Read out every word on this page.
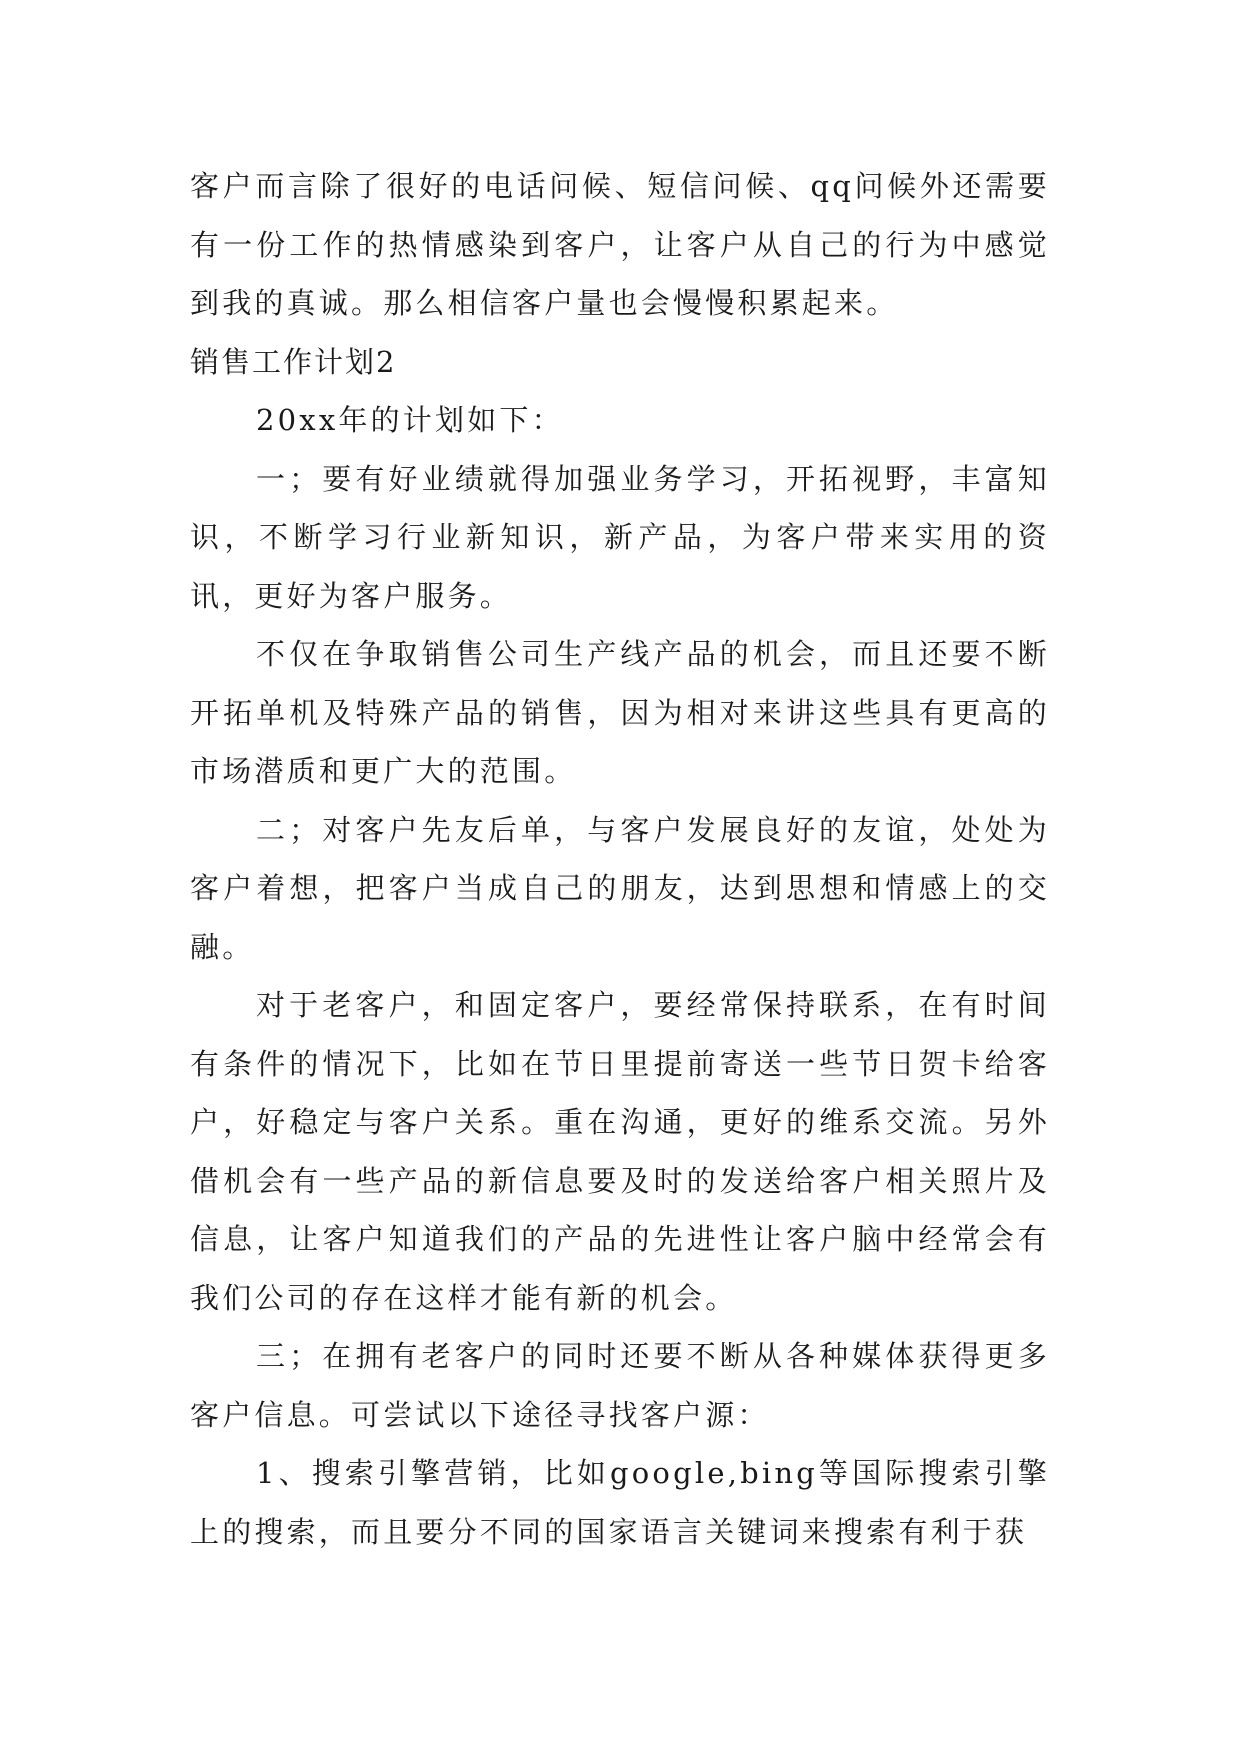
客户而言除了很好的电话问候、短信问候、qq问候外还需要有一份工作的热情感染到客户，让客户从自己的行为中感觉到我的真诚。那么相信客户量也会慢慢积累起来。

销售工作计划2

20xx年的计划如下：

一；要有好业绩就得加强业务学习，开拓视野，丰富知识，不断学习行业新知识，新产品，为客户带来实用的资讯，更好为客户服务。

不仅在争取销售公司生产线产品的机会，而且还要不断开拓单机及特殊产品的销售，因为相对来讲这些具有更高的市场潜质和更广大的范围。

二；对客户先友后单，与客户发展良好的友谊，处处为客户着想，把客户当成自己的朋友，达到思想和情感上的交融。

对于老客户，和固定客户，要经常保持联系，在有时间有条件的情况下，比如在节日里提前寄送一些节日贺卡给客户，好稳定与客户关系。重在沟通，更好的维系交流。另外借机会有一些产品的新信息要及时的发送给客户相关照片及信息，让客户知道我们的产品的先进性让客户脑中经常会有我们公司的存在这样才能有新的机会。

三；在拥有老客户的同时还要不断从各种媒体获得更多客户信息。可尝试以下途径寻找客户源：

1、搜索引擎营销，比如google,bing等国际搜索引擎上的搜索，而且要分不同的国家语言关键词来搜索有利于获
